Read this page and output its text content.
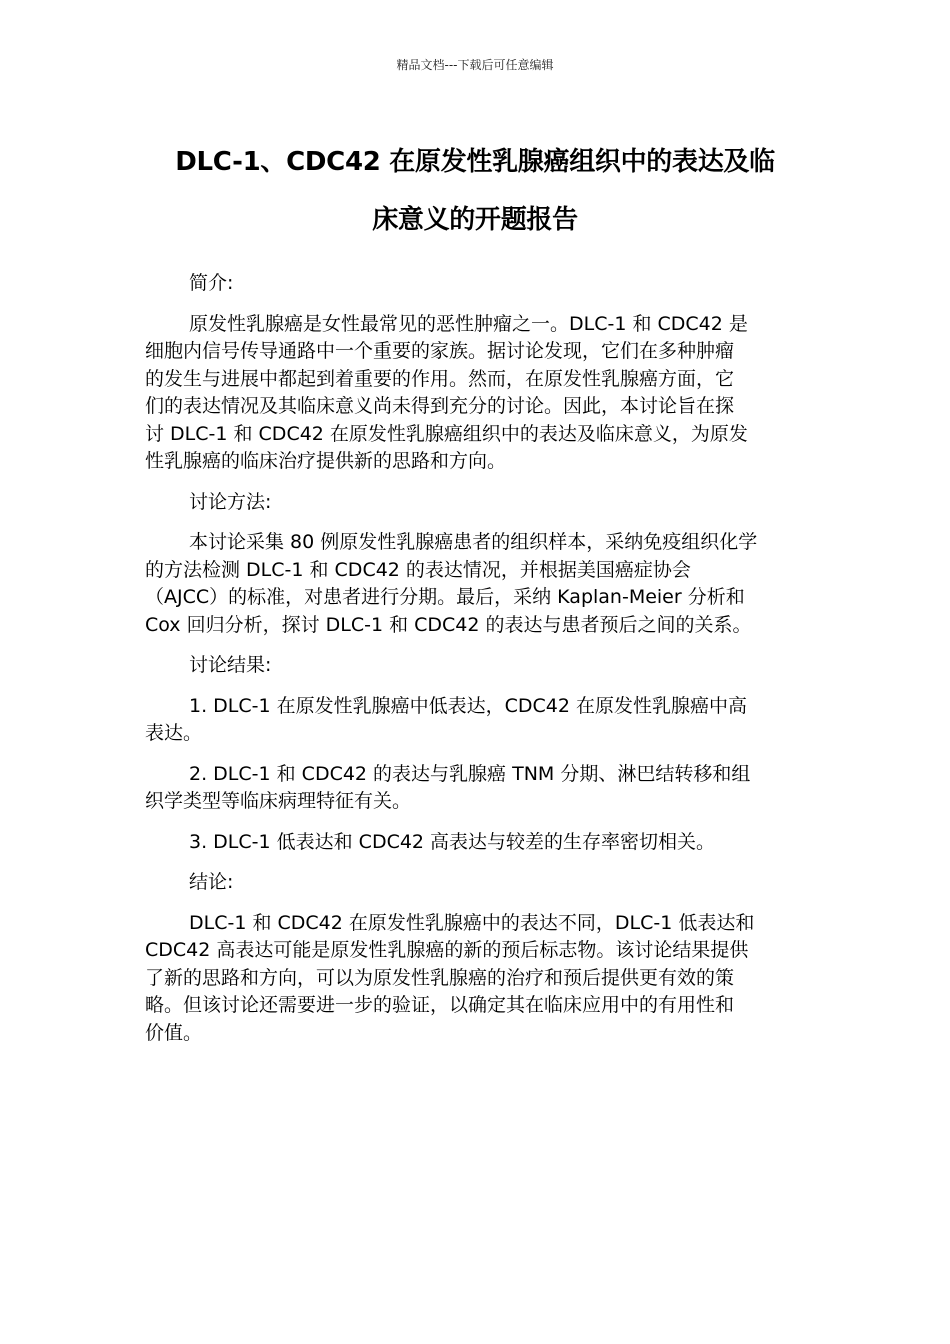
精品文档---下载后可任意编辑
DLC-1、CDC42 在原发性乳腺癌组织中的表达及临
床意义的开题报告
简介:
原发性乳腺癌是女性最常见的恶性肿瘤之一。DLC-1 和 CDC42 是
细胞内信号传导通路中一个重要的家族。据讨论发现，它们在多种肿瘤
的发生与进展中都起到着重要的作用。然而，在原发性乳腺癌方面，它
们的表达情况及其临床意义尚未得到充分的讨论。因此，本讨论旨在探
讨 DLC-1 和 CDC42 在原发性乳腺癌组织中的表达及临床意义，为原发
性乳腺癌的临床治疗提供新的思路和方向。
讨论方法:
本讨论采集 80 例原发性乳腺癌患者的组织样本，采纳免疫组织化学
的方法检测 DLC-1 和 CDC42 的表达情况，并根据美国癌症协会
（AJCC）的标准，对患者进行分期。最后，采纳 Kaplan-Meier 分析和
Cox 回归分析，探讨 DLC-1 和 CDC42 的表达与患者预后之间的关系。
讨论结果:
1. DLC-1 在原发性乳腺癌中低表达，CDC42 在原发性乳腺癌中高
表达。
2. DLC-1 和 CDC42 的表达与乳腺癌 TNM 分期、淋巴结转移和组
织学类型等临床病理特征有关。
3. DLC-1 低表达和 CDC42 高表达与较差的生存率密切相关。
结论:
DLC-1 和 CDC42 在原发性乳腺癌中的表达不同，DLC-1 低表达和
CDC42 高表达可能是原发性乳腺癌的新的预后标志物。该讨论结果提供
了新的思路和方向，可以为原发性乳腺癌的治疗和预后提供更有效的策
略。但该讨论还需要进一步的验证，以确定其在临床应用中的有用性和
价值。
